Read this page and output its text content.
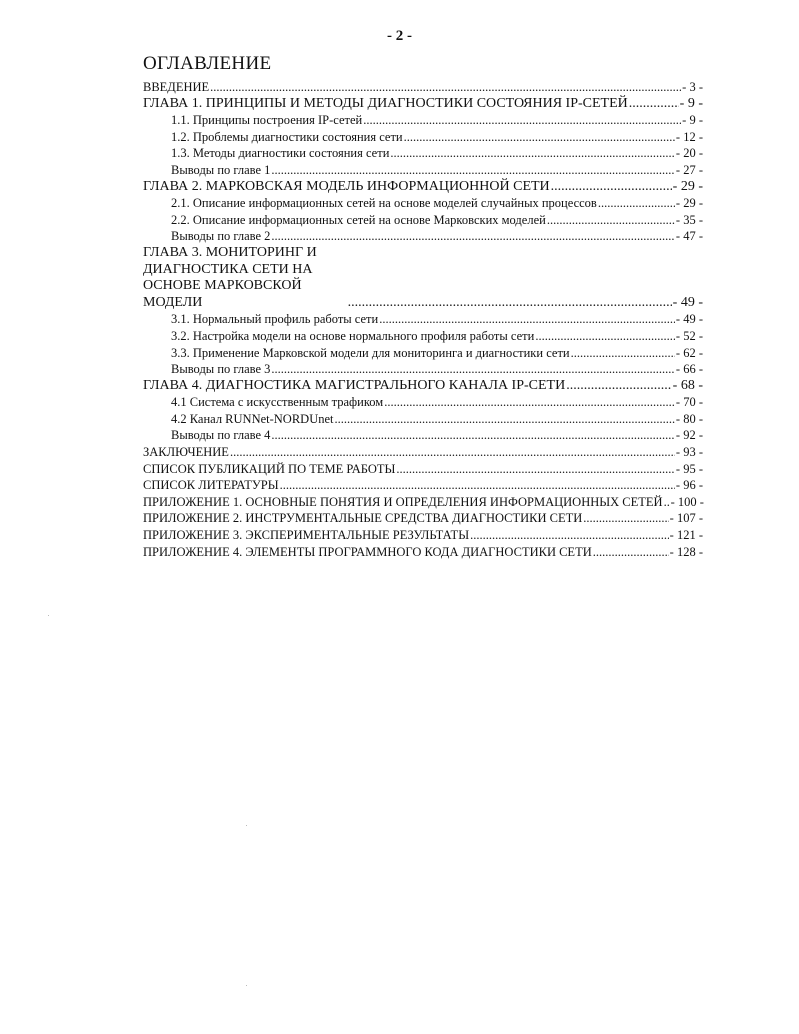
- 2 -
ОГЛАВЛЕНИЕ
ВВЕДЕНИЕ .....	- 3 -
ГЛАВА 1. ПРИНЦИПЫ И МЕТОДЫ ДИАГНОСТИКИ СОСТОЯНИЯ IP-СЕТЕЙ .....	- 9 -
1.1. Принципы построения IP-сетей .....	- 9 -
1.2. Проблемы диагностики состояния сети .....	- 12 -
1.3. Методы диагностики состояния сети .....	- 20 -
Выводы по главе 1 .....	- 27 -
ГЛАВА 2. МАРКОВСКАЯ МОДЕЛЬ ИНФОРМАЦИОННОЙ СЕТИ .....	- 29 -
2.1. Описание информационных сетей на основе моделей случайных процессов .....	- 29 -
2.2. Описание информационных сетей на основе Марковских моделей .....	- 35 -
Выводы по главе 2 .....	- 47 -
ГЛАВА 3. МОНИТОРИНГ И ДИАГНОСТИКА СЕТИ НА ОСНОВЕ МАРКОВСКОЙ МОДЕЛИ .....	- 49 -
3.1. Нормальный профиль работы сети .....	- 49 -
3.2. Настройка модели на основе нормального профиля работы сети .....	- 52 -
3.3. Применение Марковской модели для мониторинга и диагностики сети .....	- 62 -
Выводы по главе 3 .....	- 66 -
ГЛАВА 4. ДИАГНОСТИКА МАГИСТРАЛЬНОГО КАНАЛА IP-СЕТИ .....	- 68 -
4.1 Система с искусственным трафиком .....	- 70 -
4.2 Канал RUNNet-NORDUnet .....	- 80 -
Выводы по главе 4 .....	- 92 -
ЗАКЛЮЧЕНИЕ .....	- 93 -
СПИСОК ПУБЛИКАЦИЙ ПО ТЕМЕ РАБОТЫ .....	- 95 -
СПИСОК ЛИТЕРАТУРЫ .....	- 96 -
ПРИЛОЖЕНИЕ 1. ОСНОВНЫЕ ПОНЯТИЯ И ОПРЕДЕЛЕНИЯ ИНФОРМАЦИОННЫХ СЕТЕЙ ..... - 100 -
ПРИЛОЖЕНИЕ 2. ИНСТРУМЕНТАЛЬНЫЕ СРЕДСТВА ДИАГНОСТИКИ СЕТИ .....	- 107 -
ПРИЛОЖЕНИЕ 3. ЭКСПЕРИМЕНТАЛЬНЫЕ РЕЗУЛЬТАТЫ .....	- 121 -
ПРИЛОЖЕНИЕ 4. ЭЛЕМЕНТЫ ПРОГРАММНОГО КОДА ДИАГНОСТИКИ СЕТИ .....	- 128 -
